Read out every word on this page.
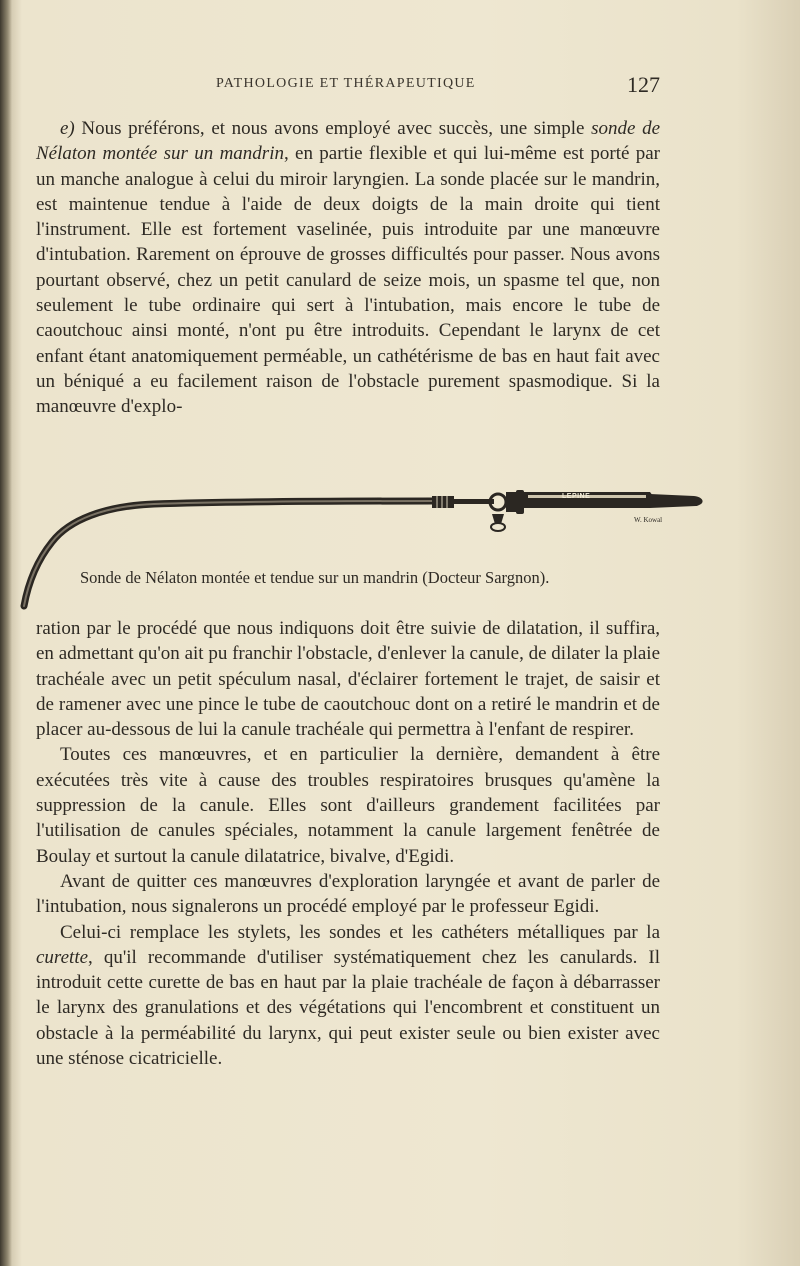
PATHOLOGIE ET THÉRAPEUTIQUE	127

e) Nous préférons, et nous avons employé avec succès, une simple sonde de Nélaton montée sur un mandrin, en partie flexible et qui lui-même est porté par un manche analogue à celui du miroir laryngien. La sonde placée sur le mandrin, est maintenue tendue à l'aide de deux doigts de la main droite qui tient l'instrument. Elle est fortement vaselinée, puis introduite par une manœuvre d'intubation. Rarement on éprouve de grosses difficultés pour passer. Nous avons pourtant observé, chez un petit canulard de seize mois, un spasme tel que, non seulement le tube ordinaire qui sert à l'intubation, mais encore le tube de caoutchouc ainsi monté, n'ont pu être introduits. Cependant le larynx de cet enfant étant anatomiquement perméable, un cathétérisme de bas en haut fait avec un béniqué a eu facilement raison de l'obstacle purement spasmodique. Si la manœuvre d'explo-

LEPINE
W. Kowal
Sonde de Nélaton montée et tendue sur un mandrin (Docteur Sargnon).

ration par le procédé que nous indiquons doit être suivie de dilatation, il suffira, en admettant qu'on ait pu franchir l'obstacle, d'enlever la canule, de dilater la plaie trachéale avec un petit spéculum nasal, d'éclairer fortement le trajet, de saisir et de ramener avec une pince le tube de caoutchouc dont on a retiré le mandrin et de placer au-dessous de lui la canule trachéale qui permettra à l'enfant de respirer.

Toutes ces manœuvres, et en particulier la dernière, demandent à être exécutées très vite à cause des troubles respiratoires brusques qu'amène la suppression de la canule. Elles sont d'ailleurs grandement facilitées par l'utilisation de canules spéciales, notamment la canule largement fenêtrée de Boulay et surtout la canule dilatatrice, bivalve, d'Egidi.

Avant de quitter ces manœuvres d'exploration laryngée et avant de parler de l'intubation, nous signalerons un procédé employé par le professeur Egidi.

Celui-ci remplace les stylets, les sondes et les cathéters métalliques par la curette, qu'il recommande d'utiliser systématiquement chez les canulards. Il introduit cette curette de bas en haut par la plaie trachéale de façon à débarrasser le larynx des granulations et des végétations qui l'encombrent et constituent un obstacle à la perméabilité du larynx, qui peut exister seule ou bien exister avec une sténose cicatricielle.
